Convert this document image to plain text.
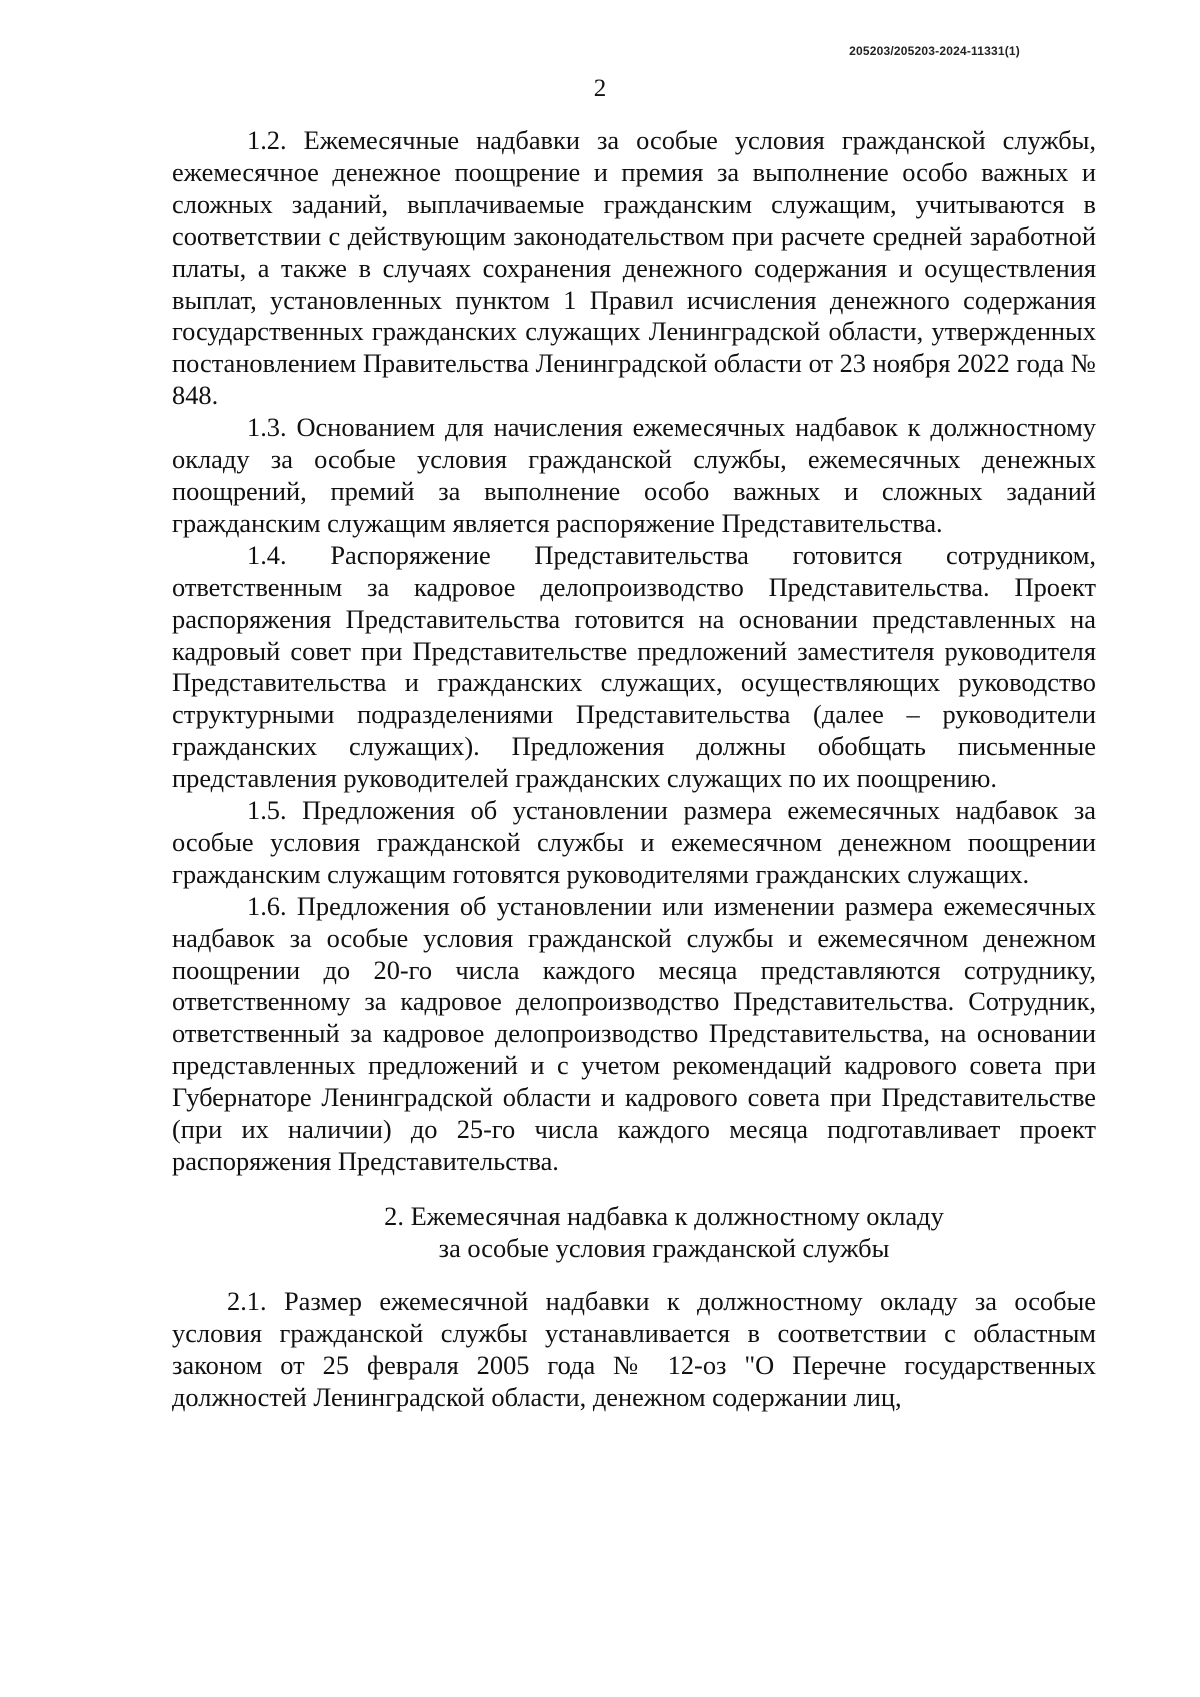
205203/205203-2024-11331(1)
2

1.2. Ежемесячные надбавки за особые условия гражданской службы, ежемесячное денежное поощрение и премия за выполнение особо важных и сложных заданий, выплачиваемые гражданским служащим, учитываются в соответствии с действующим законодательством при расчете средней заработной платы, а также в случаях сохранения денежного содержания и осуществления выплат, установленных пунктом 1 Правил исчисления денежного содержания государственных гражданских служащих Ленинградской области, утвержденных постановлением Правительства Ленинградской области от 23 ноября 2022 года № 848.

1.3. Основанием для начисления ежемесячных надбавок к должностному окладу за особые условия гражданской службы, ежемесячных денежных поощрений, премий за выполнение особо важных и сложных заданий гражданским служащим является распоряжение Представительства.

1.4. Распоряжение Представительства готовится сотрудником, ответственным за кадровое делопроизводство Представительства. Проект распоряжения Представительства готовится на основании представленных на кадровый совет при Представительстве предложений заместителя руководителя Представительства и гражданских служащих, осуществляющих руководство структурными подразделениями Представительства (далее – руководители гражданских служащих). Предложения должны обобщать письменные представления руководителей гражданских служащих по их поощрению.

1.5. Предложения об установлении размера ежемесячных надбавок за особые условия гражданской службы и ежемесячном денежном поощрении гражданским служащим готовятся руководителями гражданских служащих.

1.6. Предложения об установлении или изменении размера ежемесячных надбавок за особые условия гражданской службы и ежемесячном денежном поощрении до 20-го числа каждого месяца представляются сотруднику, ответственному за кадровое делопроизводство Представительства. Сотрудник, ответственный за кадровое делопроизводство Представительства, на основании представленных предложений и с учетом рекомендаций кадрового совета при Губернаторе Ленинградской области и кадрового совета при Представительстве (при их наличии) до 25-го числа каждого месяца подготавливает проект распоряжения Представительства.

2. Ежемесячная надбавка к должностному окладу
за особые условия гражданской службы

2.1. Размер ежемесячной надбавки к должностному окладу за особые условия гражданской службы устанавливается в соответствии с областным законом от 25 февраля 2005 года № 12-оз "О Перечне государственных должностей Ленинградской области, денежном содержании лиц,
